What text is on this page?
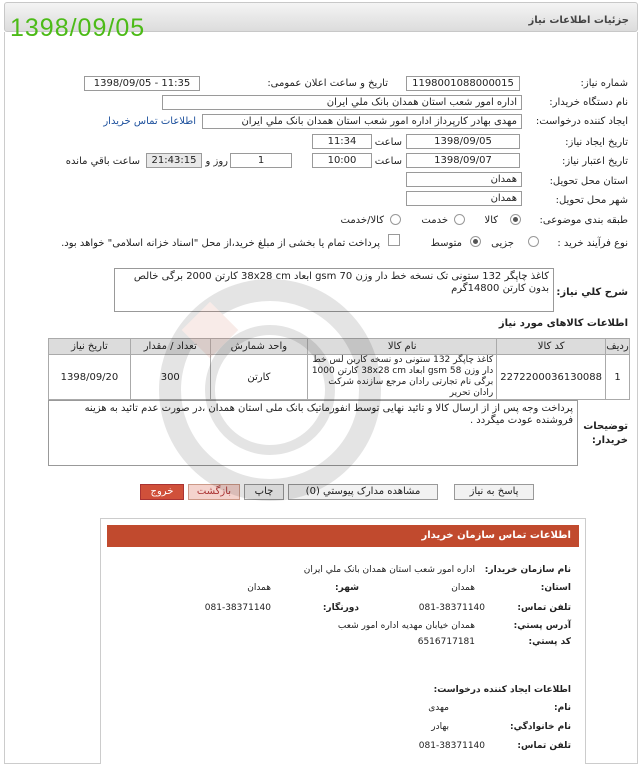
1398/09/05	جزئیات اطلاعات نیاز
شماره نیاز:
1198001088000015
تاریخ و ساعت اعلان عمومی:
1398/09/05 - 11:35
نام دستگاه خریدار:
اداره امور شعب استان همدان بانک ملي ایران
ایجاد کننده درخواست:
مهدی بهادر کارپرداز اداره امور شعب استان همدان بانک ملي ایران
اطلاعات تماس خریدار
تاریخ ایجاد نیاز:
1398/09/05
ساعت
11:34
تاریخ اعتبار نیاز:
1398/09/07
ساعت
10:00
1
روز و
21:43:15
ساعت باقي مانده
استان محل تحویل:
همدان
شهر محل تحویل:
همدان
طبقه بندی موضوعی:
کالا
خدمت
کالا/خدمت
نوع فرآیند خرید :
جزیی
متوسط
پرداخت تمام یا بخشی از مبلغ خرید،از محل "اسناد خزانه اسلامی" خواهد بود.
شرح کلي نیاز:
کاغذ چاپگر 132 ستونی تک نسخه خط دار وزن gsm 70 ابعاد 38x28 cm کارتن 2000 برگی خالص بدون کارتن 14800گرم
اطلاعات کالاهای مورد نیاز
ردیف	کد کالا	نام کالا	واحد شمارش	تعداد / مقدار	تاریخ نیاز
1	2272200036130088	کاغذ چاپگر 132 ستونی دو نسخه کاربن لس خط دار وزن 58 gsm ابعاد 38x28 cm کارتن 1000 برگی نام تجارتی رادان مرجع سازنده شرکت رادان تحریر	کارتن	300	1398/09/20
توضیحات خریدار:
پرداخت وجه پس از از ارسال کالا و تائید نهایی توسط انفورماتیک بانک ملی استان همدان ،در صورت عدم تائید به هزینه فروشنده عودت میگردد .
پاسخ به نیاز
مشاهده مدارک پیوستي (0)
چاپ
بازگشت
خروج
اطلاعات تماس سازمان خریدار
نام سازمان خریدار:
اداره امور شعب استان همدان بانک ملي ایران
استان:
همدان
شهر:
همدان
تلفن تماس:
081-38371140
دورنگار:
081-38371140
آدرس پستي:
همدان خیابان مهدیه اداره امور شعب
کد پستي:
6516717181
اطلاعات ایجاد کننده درخواست:
نام:
مهدی
نام خانوادگي:
بهادر
تلفن تماس:
081-38371140
